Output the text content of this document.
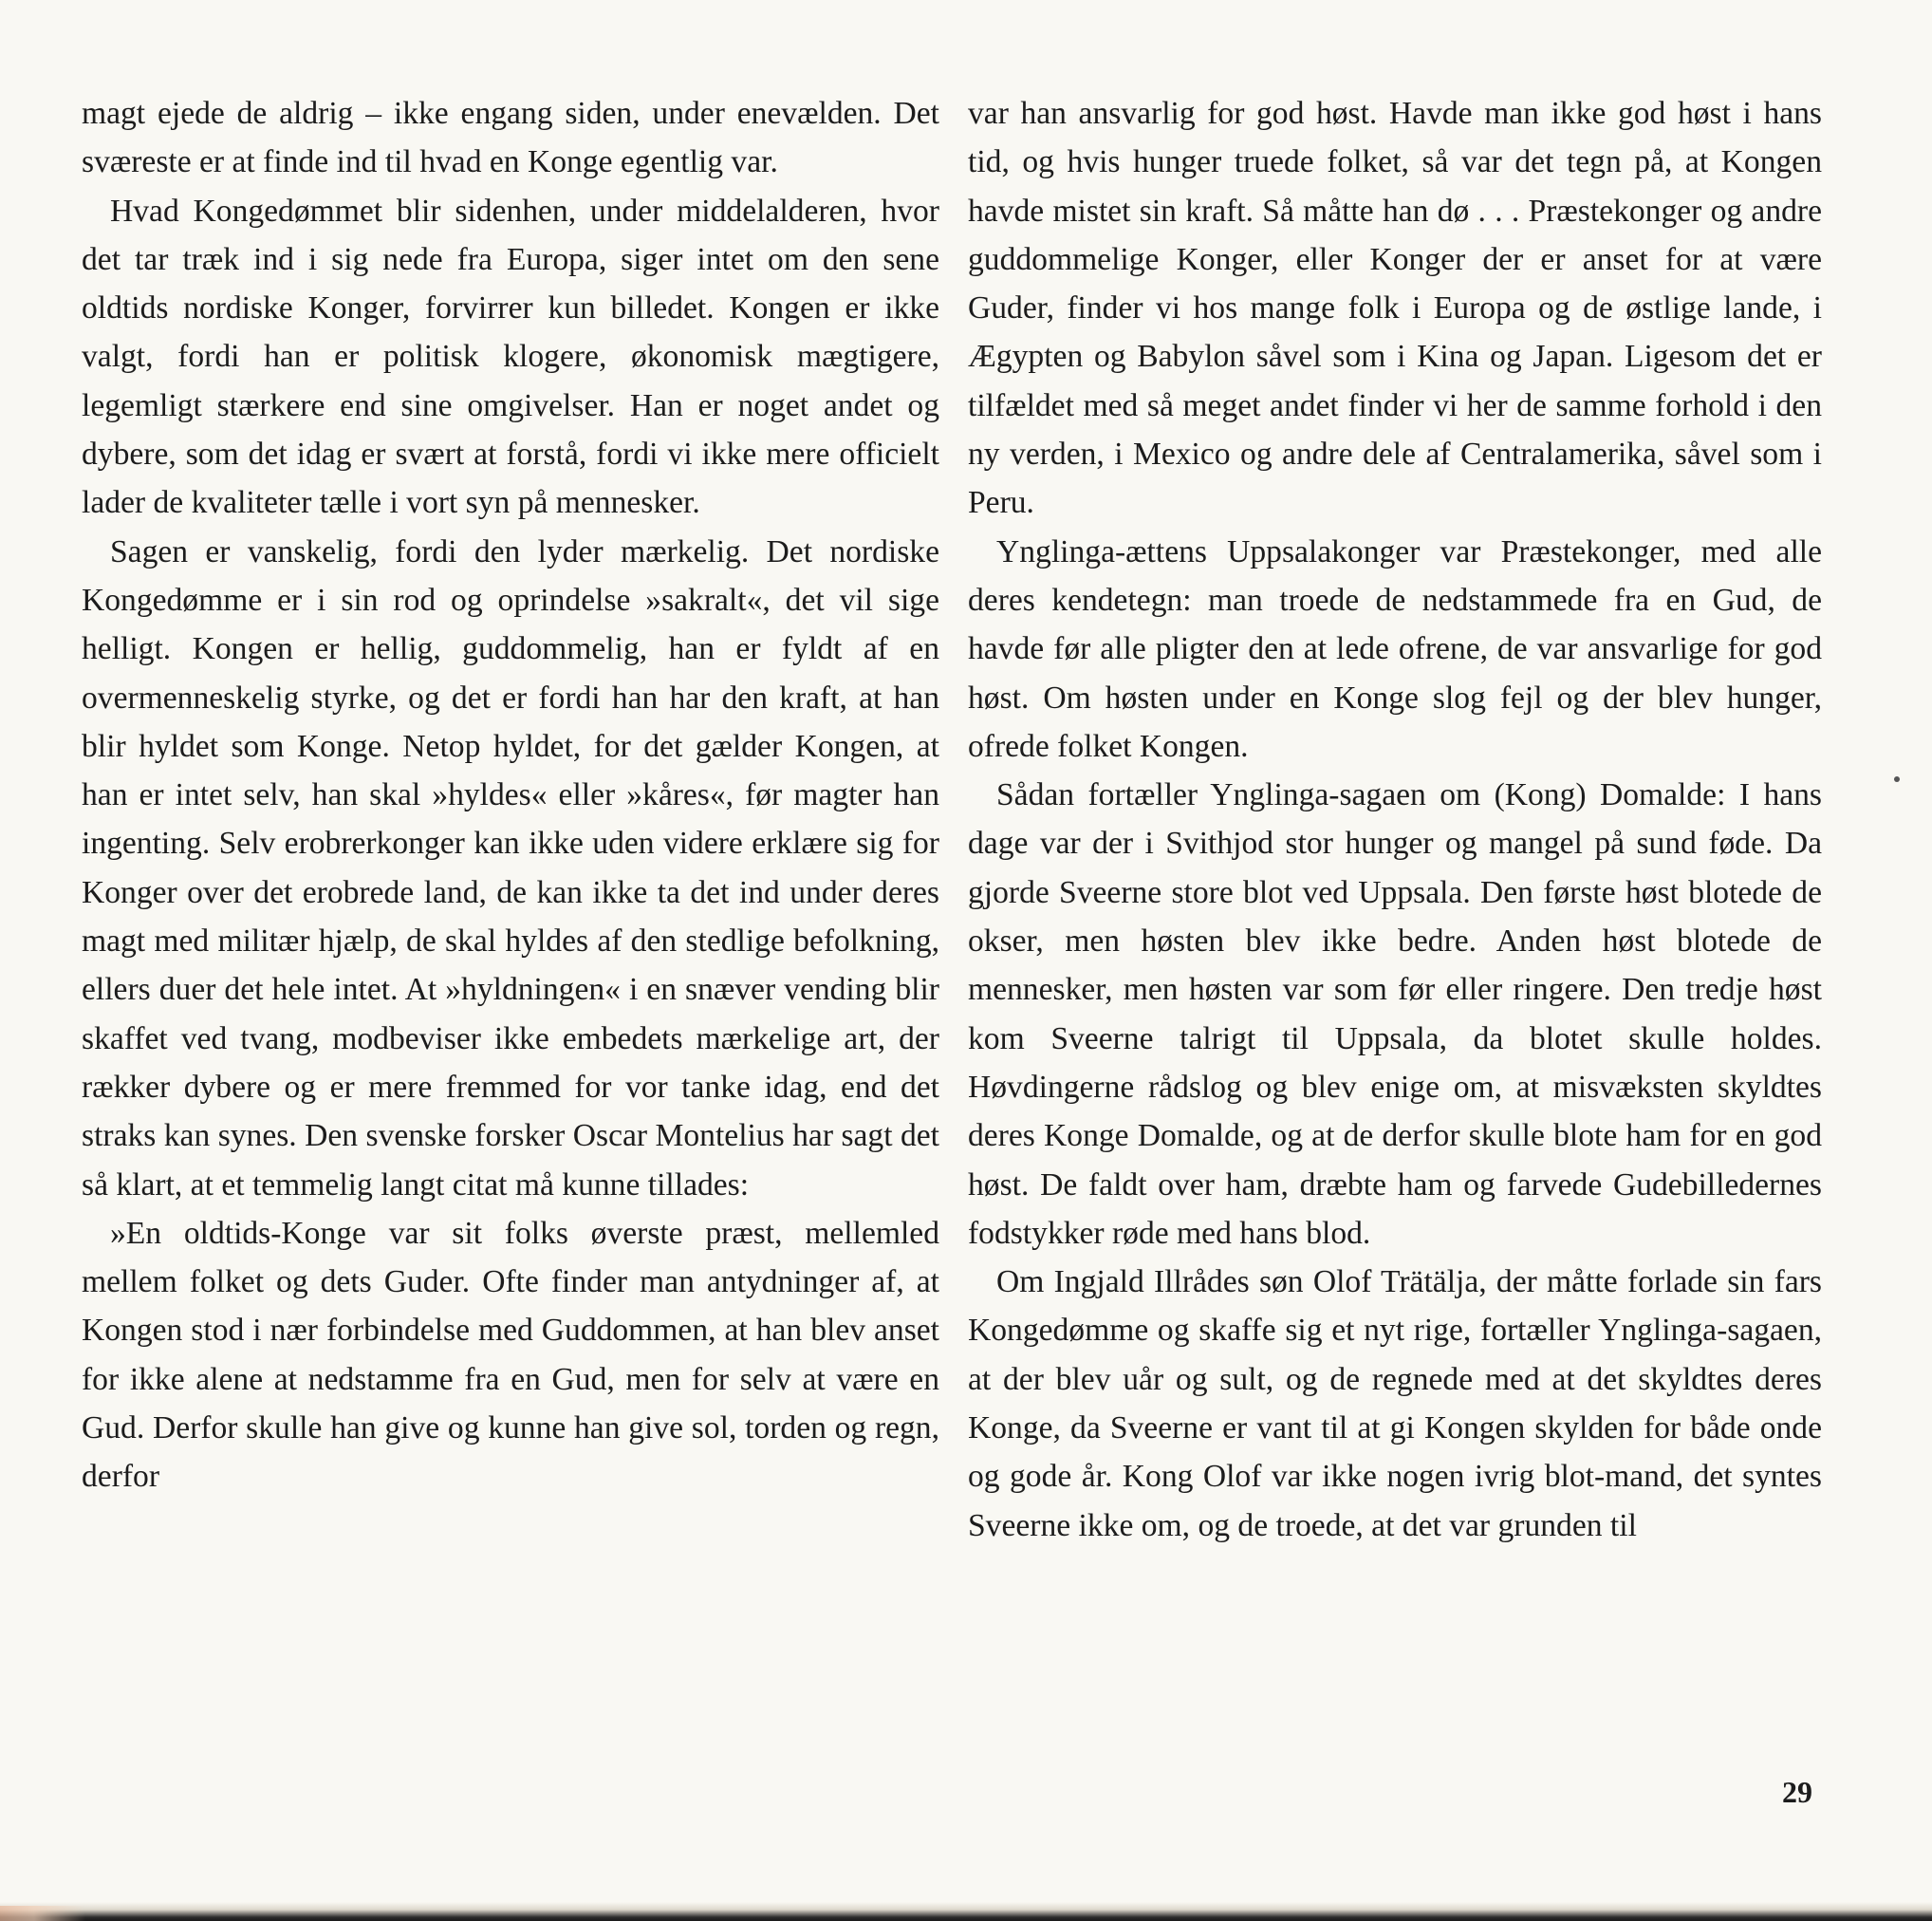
magt ejede de aldrig – ikke engang siden, under enevælden. Det sværeste er at finde ind til hvad en Konge egentlig var.

Hvad Kongedømmet blir sidenhen, under middelalderen, hvor det tar træk ind i sig nede fra Europa, siger intet om den sene oldtids nordiske Konger, forvirrer kun billedet. Kongen er ikke valgt, fordi han er politisk klogere, økonomisk mægtigere, legemligt stærkere end sine omgivelser. Han er noget andet og dybere, som det idag er svært at forstå, fordi vi ikke mere officielt lader de kvaliteter tælle i vort syn på mennesker.

Sagen er vanskelig, fordi den lyder mærkelig. Det nordiske Kongedømme er i sin rod og oprindelse »sakralt«, det vil sige helligt. Kongen er hellig, guddommelig, han er fyldt af en overmenneskelig styrke, og det er fordi han har den kraft, at han blir hyldet som Konge. Netop hyldet, for det gælder Kongen, at han er intet selv, han skal »hyldes« eller »kåres«, før magter han ingenting. Selv erobrerkonger kan ikke uden videre erklære sig for Konger over det erobrede land, de kan ikke ta det ind under deres magt med militær hjælp, de skal hyldes af den stedlige befolkning, ellers duer det hele intet. At »hyldningen« i en snæver vending blir skaffet ved tvang, modbeviser ikke embedets mærkelige art, der rækker dybere og er mere fremmed for vor tanke idag, end det straks kan synes. Den svenske forsker Oscar Montelius har sagt det så klart, at et temmelig langt citat må kunne tillades:

»En oldtids-Konge var sit folks øverste præst, mellemled mellem folket og dets Guder. Ofte finder man antydninger af, at Kongen stod i nær forbindelse med Guddommen, at han blev anset for ikke alene at nedstamme fra en Gud, men for selv at være en Gud. Derfor skulle han give og kunne han give sol, torden og regn, derfor

var han ansvarlig for god høst. Havde man ikke god høst i hans tid, og hvis hunger truede folket, så var det tegn på, at Kongen havde mistet sin kraft. Så måtte han dø . . . Præstekonger og andre guddommelige Konger, eller Konger der er anset for at være Guder, finder vi hos mange folk i Europa og de østlige lande, i Ægypten og Babylon såvel som i Kina og Japan. Ligesom det er tilfældet med så meget andet finder vi her de samme forhold i den ny verden, i Mexico og andre dele af Centralamerika, såvel som i Peru.

Ynglinga-ættens Uppsalakonger var Præstekonger, med alle deres kendetegn: man troede de nedstammede fra en Gud, de havde før alle pligter den at lede ofrene, de var ansvarlige for god høst. Om høsten under en Konge slog fejl og der blev hunger, ofrede folket Kongen.

Sådan fortæller Ynglinga-sagaen om (Kong) Domalde: I hans dage var der i Svithjod stor hunger og mangel på sund føde. Da gjorde Sveerne store blot ved Uppsala. Den første høst blotede de okser, men høsten blev ikke bedre. Anden høst blotede de mennesker, men høsten var som før eller ringere. Den tredje høst kom Sveerne talrigt til Uppsala, da blotet skulle holdes. Høvdingerne rådslog og blev enige om, at misvæksten skyldtes deres Konge Domalde, og at de derfor skulle blote ham for en god høst. De faldt over ham, dræbte ham og farvede Gudebilledernes fodstykker røde med hans blod.

Om Ingjald Illrådes søn Olof Trätälja, der måtte forlade sin fars Kongedømme og skaffe sig et nyt rige, fortæller Ynglinga-sagaen, at der blev uår og sult, og de regnede med at det skyldtes deres Konge, da Sveerne er vant til at gi Kongen skylden for både onde og gode år. Kong Olof var ikke nogen ivrig blot-mand, det syntes Sveerne ikke om, og de troede, at det var grunden til

29
